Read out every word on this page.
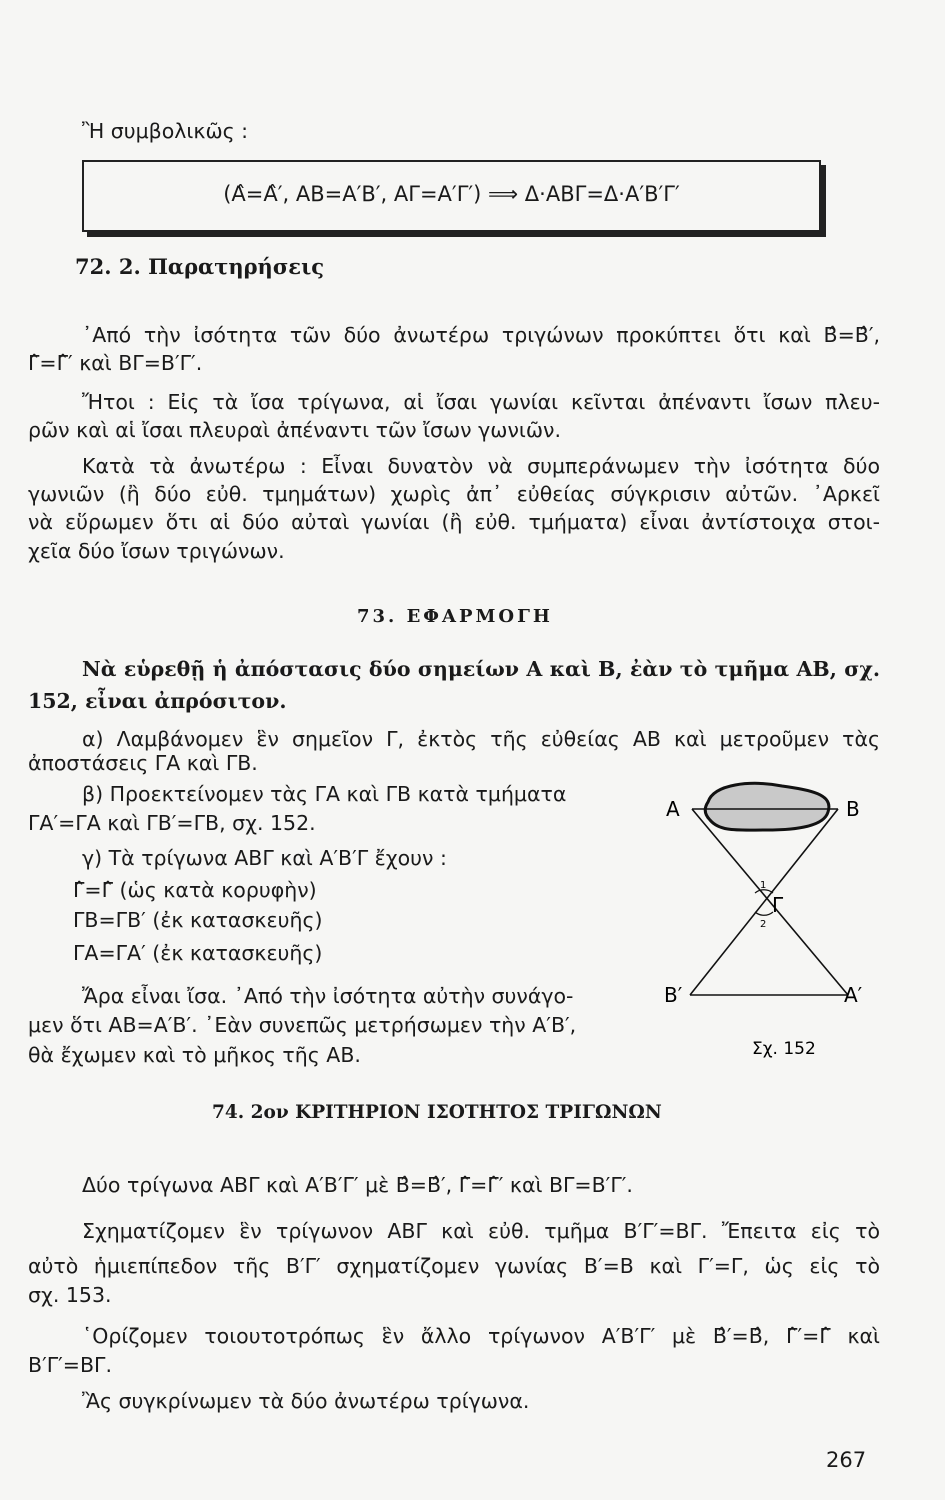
Ἢ συμβολικῶς :
(Α̂=Α̂′, ΑΒ=Α′Β′, ΑΓ=Α′Γ′) ⟹ Δ·ΑΒΓ=Δ·Α′Β′Γ′
72. 2. Παρατηρήσεις
᾿Από τὴν ἰσότητα τῶν δύο ἀνωτέρω τριγώνων προκύπτει ὅτι καὶ Β̂=Β̂′,
Γ̂=Γ̂′ καὶ ΒΓ=Β′Γ′.
Ἤτοι : Εἰς τὰ ἴσα τρίγωνα, αἱ ἴσαι γωνίαι κεῖνται ἀπέναντι ἴσων πλευ-
ρῶν καὶ αἱ ἴσαι πλευραὶ ἀπέναντι τῶν ἴσων γωνιῶν.
Κατὰ τὰ ἀνωτέρω : Εἶναι δυνατὸν νὰ συμπεράνωμεν τὴν ἰσότητα δύο
γωνιῶν (ἢ δύο εὐθ. τμημάτων) χωρὶς ἀπ᾿ εὐθείας σύγκρισιν αὐτῶν. ᾿Αρκεῖ
νὰ εὕρωμεν ὅτι αἱ δύο αὐταὶ γωνίαι (ἢ εὐθ. τμήματα) εἶναι ἀντίστοιχα στοι-
χεῖα δύο ἴσων τριγώνων.
73. ΕΦΑΡΜΟΓΗ
Νὰ εὑρεθῇ ἡ ἀπόστασις δύο σημείων Α καὶ Β, ἐὰν τὸ τμῆμα ΑΒ, σχ.
152, εἶναι ἀπρόσιτον.
α) Λαμβάνομεν ἓν σημεῖον Γ, ἐκτὸς τῆς εὐθείας ΑΒ καὶ μετροῦμεν τὰς
ἀποστάσεις ΓΑ καὶ ΓΒ.
β) Προεκτείνομεν τὰς ΓΑ καὶ ΓΒ κατὰ τμήματα
ΓΑ′=ΓΑ καὶ ΓΒ′=ΓΒ, σχ. 152.
γ) Τὰ τρίγωνα ΑΒΓ καὶ Α′Β′Γ ἔχουν :
Γ̂=Γ̂ (ὡς κατὰ κορυφὴν)
ΓΒ=ΓΒ′ (ἐκ κατασκευῆς)
ΓΑ=ΓΑ′ (ἐκ κατασκευῆς)
Ἄρα εἶναι ἴσα. ᾿Από τὴν ἰσότητα αὐτὴν συνάγο-
μεν ὅτι ΑΒ=Α′Β′. ᾿Εὰν συνεπῶς μετρήσωμεν τὴν Α′Β′,
θὰ ἔχωμεν καὶ τὸ μῆκος τῆς ΑΒ.
Α	Β
Γ
1
2
Β′	Α′
Σχ. 152
74. 2ον ΚΡΙΤΗΡΙΟΝ ΙΣΟΤΗΤΟΣ ΤΡΙΓΩΝΩΝ
Δύο τρίγωνα ΑΒΓ καὶ Α′Β′Γ′ μὲ Β̂=Β̂′, Γ̂=Γ̂′ καὶ ΒΓ=Β′Γ′.
Σχηματίζομεν ἓν τρίγωνον ΑΒΓ καὶ εὐθ. τμῆμα Β′Γ′=ΒΓ. Ἔπειτα εἰς τὸ
αὐτὸ ἡμιεπίπεδον τῆς Β′Γ′ σχηματίζομεν γωνίας Β′=Β καὶ Γ′=Γ, ὡς εἰς τὸ
σχ. 153.
῾Ορίζομεν τοιουτοτρόπως ἓν ἄλλο τρίγωνον Α′Β′Γ′ μὲ Β̂′=Β̂, Γ̂′=Γ̂ καὶ
Β′Γ′=ΒΓ.
Ἂς συγκρίνωμεν τὰ δύο ἀνωτέρω τρίγωνα.
267
